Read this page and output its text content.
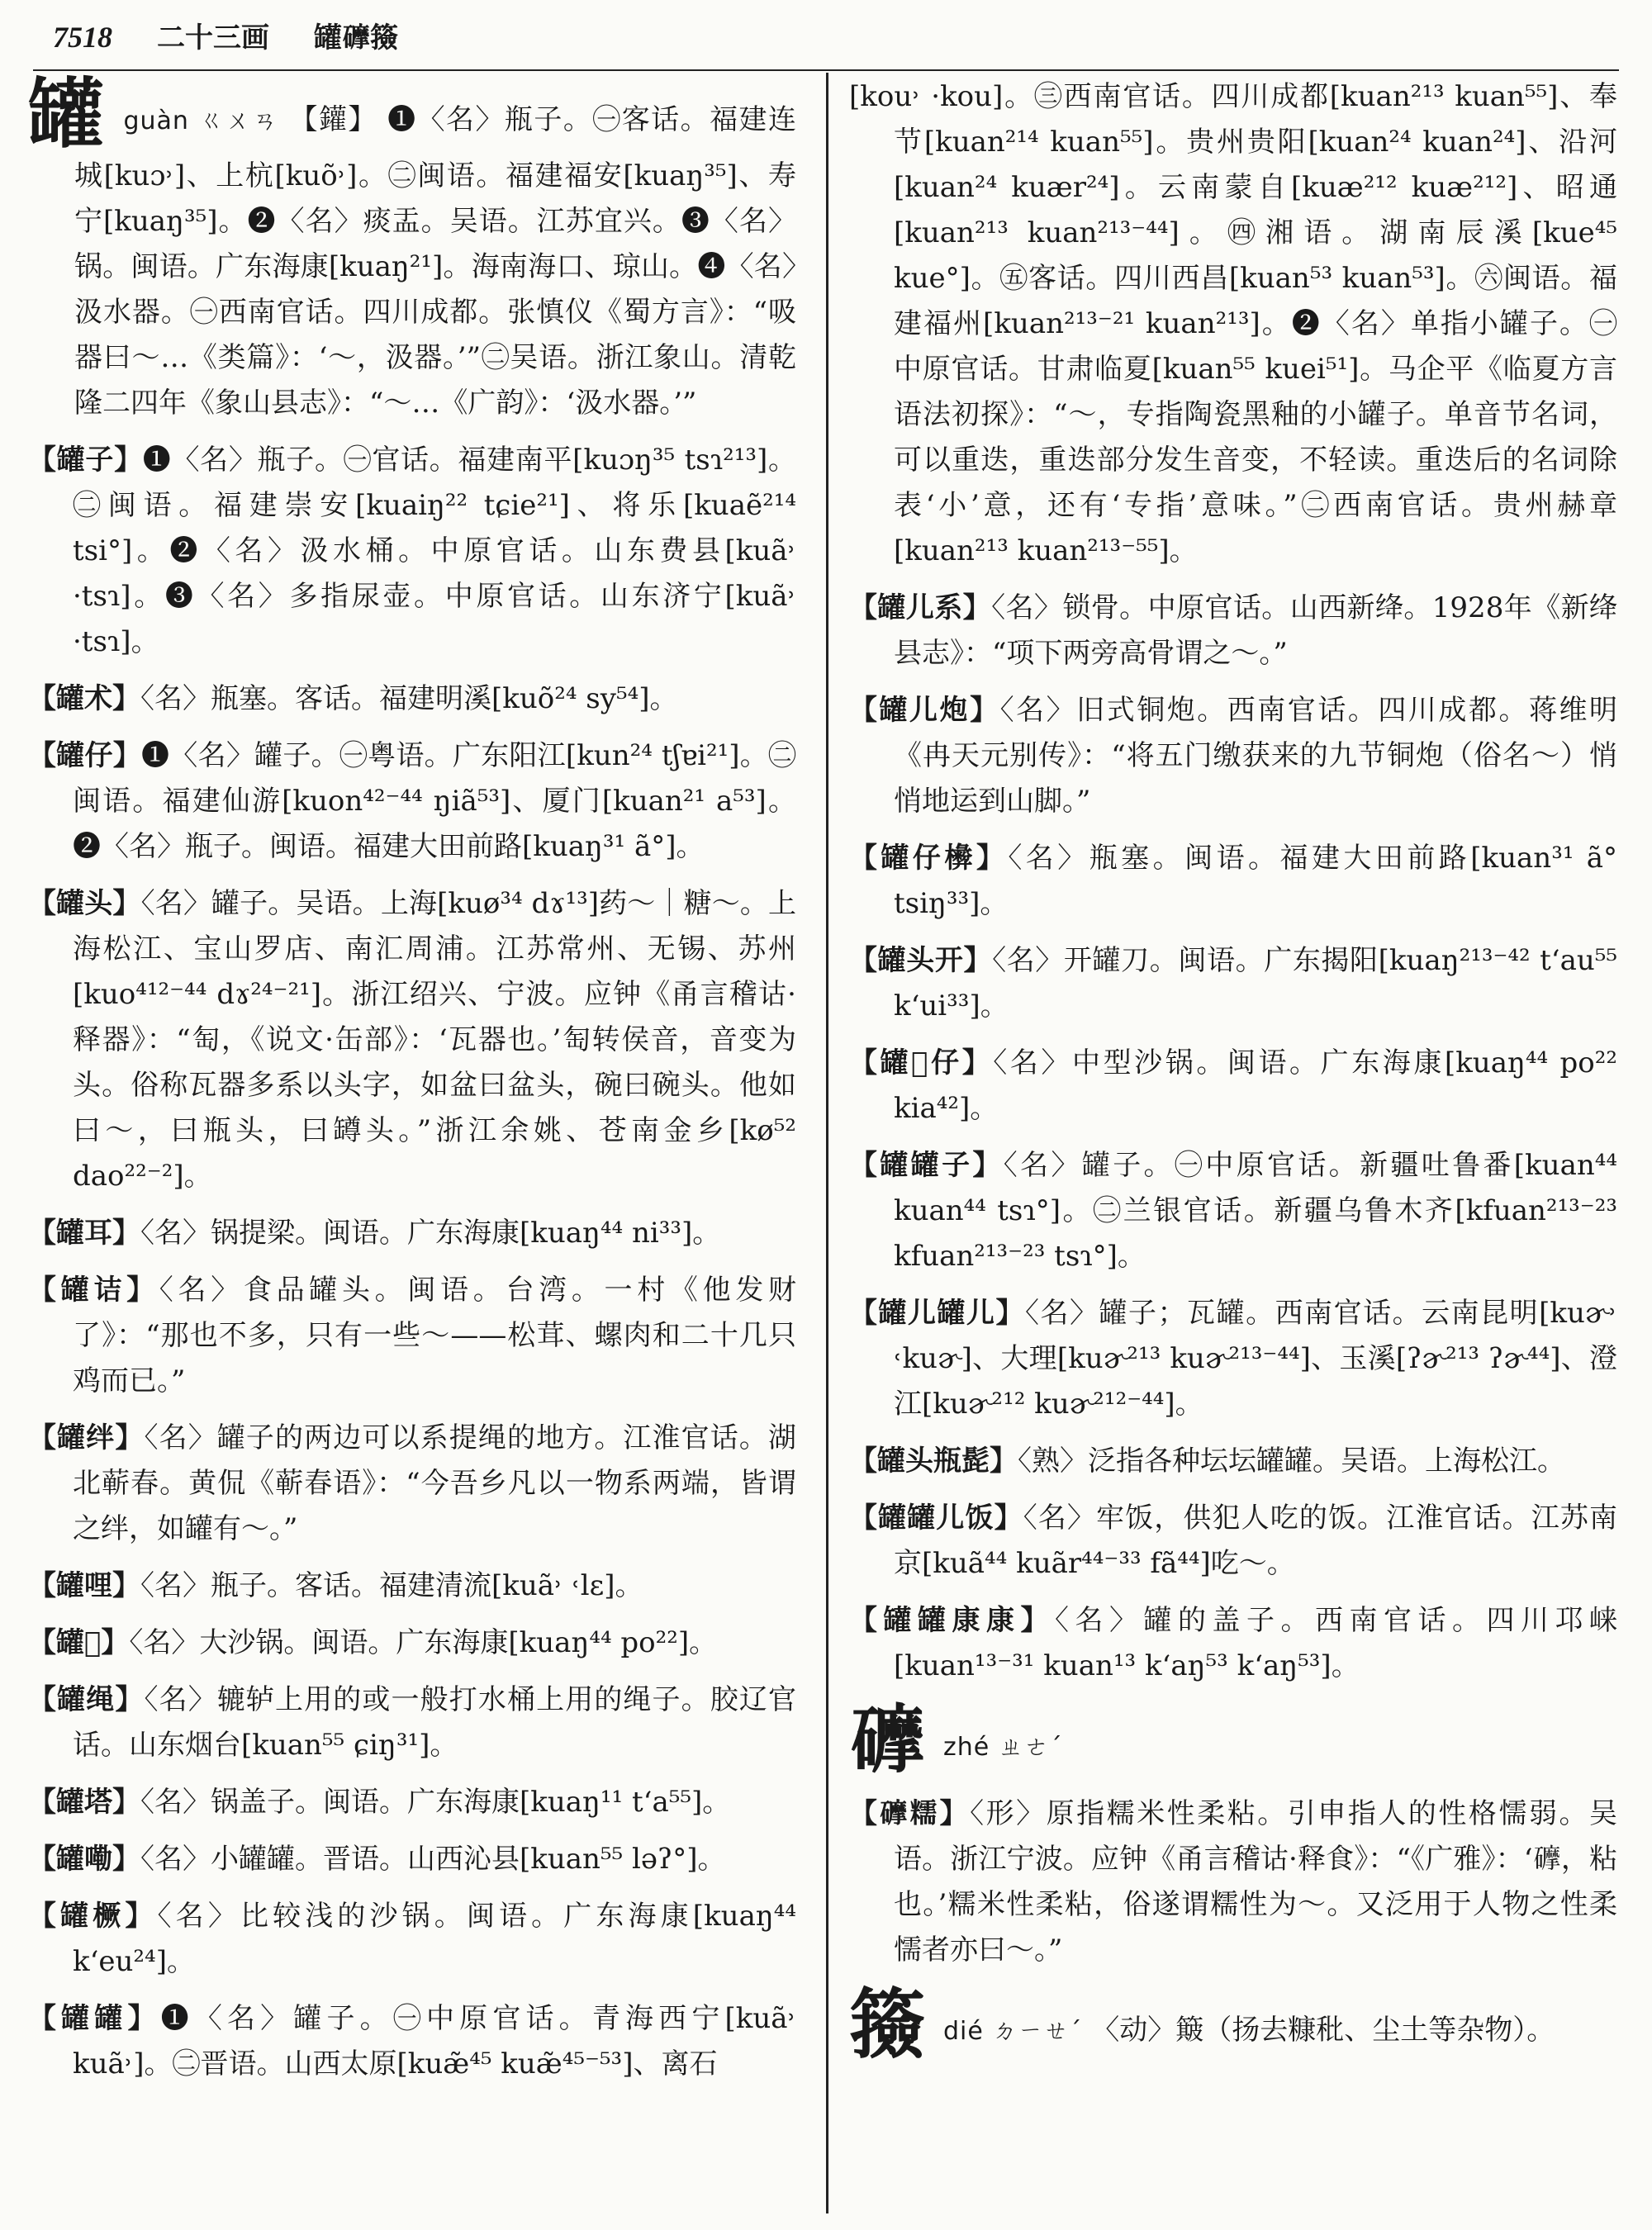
7518 二十三画 罐𥗂籡

罐guàn ㄍㄨㄢ 【鑵】 ❶〈名〉瓶子。㊀客话。福建连城[kuɔ˒]、上杭[kuõ˒]。㊁闽语。福建福安[kuaŋ³⁵]、寿宁[kuaŋ³⁵]。❷〈名〉痰盂。吴语。江苏宜兴。❸〈名〉锅。闽语。广东海康[kuaŋ²¹]。海南海口、琼山。❹〈名〉汲水器。㊀西南官话。四川成都。张慎仪《蜀方言》：“吸器曰～…《类篇》：‘～，汲器。’”㊁吴语。浙江象山。清乾隆二四年《象山县志》：“～…《广韵》：‘汲水器。’”

【罐子】❶〈名〉瓶子。㊀官话。福建南平[kuɔŋ³⁵ tsɿ²¹³]。㊁闽语。福建崇安[kuaiŋ²² tɕie²¹]、将乐[kuaẽ²¹⁴ tsi°]。❷〈名〉汲水桶。中原官话。山东费县[kuã˒ ·tsɿ]。❸〈名〉多指尿壶。中原官话。山东济宁[kuã˒ ·tsɿ]。

【罐术】〈名〉瓶塞。客话。福建明溪[kuõ²⁴ sy⁵⁴]。

【罐仔】❶〈名〉罐子。㊀粤语。广东阳江[kun²⁴ tʃɐi²¹]。㊁闽语。福建仙游[kuon⁴²⁻⁴⁴ ŋiã⁵³]、厦门[kuan²¹ a⁵³]。❷〈名〉瓶子。闽语。福建大田前路[kuaŋ³¹ ã°]。

【罐头】〈名〉罐子。吴语。上海[kuø³⁴ dɤ¹³]药～｜糖～。上海松江、宝山罗店、南汇周浦。江苏常州、无锡、苏州[kuo⁴¹²⁻⁴⁴ dɤ²⁴⁻²¹]。浙江绍兴、宁波。应钟《甬言稽诂·释器》：“匋，《说文·缶部》：‘瓦器也。’匋转侯音，音变为头。俗称瓦器多系以头字，如盆曰盆头，碗曰碗头。他如曰～，曰瓶头，曰罇头。”浙江余姚、苍南金乡[kø⁵² dao²²⁻²]。

【罐耳】〈名〉锅提梁。闽语。广东海康[kuaŋ⁴⁴ ni³³]。

【罐诘】〈名〉食品罐头。闽语。台湾。一村《他发财了》：“那也不多，只有一些～——松茸、螺肉和二十几只鸡而已。”

【罐绊】〈名〉罐子的两边可以系提绳的地方。江淮官话。湖北蕲春。黄侃《蕲春语》：“今吾乡凡以一物系两端，皆谓之绊，如罐有～。”

【罐哩】〈名〉瓶子。客话。福建清流[kuã˒ ˓lɛ]。

【罐𫗍】〈名〉大沙锅。闽语。广东海康[kuaŋ⁴⁴ po²²]。

【罐绳】〈名〉辘轳上用的或一般打水桶上用的绳子。胶辽官话。山东烟台[kuan⁵⁵ ɕiŋ³¹]。

【罐塔】〈名〉锅盖子。闽语。广东海康[kuaŋ¹¹ tʻa⁵⁵]。

【罐嘞】〈名〉小罐罐。晋语。山西沁县[kuan⁵⁵ ləʔ°]。

【罐橛】〈名〉比较浅的沙锅。闽语。广东海康[kuaŋ⁴⁴ kʻeu²⁴]。

【罐罐】❶〈名〉罐子。㊀中原官话。青海西宁[kuã˒ kuã˒]。㊁晋语。山西太原[kuæ̃⁴⁵ kuæ̃⁴⁵⁻⁵³]、离石

[kou˒ ·kou]。㊂西南官话。四川成都[kuan²¹³ kuan⁵⁵]、奉节[kuan²¹⁴ kuan⁵⁵]。贵州贵阳[kuan²⁴ kuan²⁴]、沿河[kuan²⁴ kuær²⁴]。云南蒙自[kuæ²¹² kuæ²¹²]、昭通[kuan²¹³ kuan²¹³⁻⁴⁴]。㊃湘语。湖南辰溪[kue⁴⁵ kue°]。㊄客话。四川西昌[kuan⁵³ kuan⁵³]。㊅闽语。福建福州[kuan²¹³⁻²¹ kuan²¹³]。❷〈名〉单指小罐子。㊀中原官话。甘肃临夏[kuan⁵⁵ kuei⁵¹]。马企平《临夏方言语法初探》：“～，专指陶瓷黑釉的小罐子。单音节名词，可以重迭，重迭部分发生音变，不轻读。重迭后的名词除表‘小’意，还有‘专指’意味。”㊁西南官话。贵州赫章[kuan²¹³ kuan²¹³⁻⁵⁵]。

【罐儿系】〈名〉锁骨。中原官话。山西新绛。1928年《新绛县志》：“项下两旁高骨谓之～。”

【罐儿炮】〈名〉旧式铜炮。西南官话。四川成都。蒋维明《冉天元别传》：“将五门缴获来的九节铜炮（俗名～）悄悄地运到山脚。”

【罐仔𣟗】〈名〉瓶塞。闽语。福建大田前路[kuan³¹ ã° tsiŋ³³]。

【罐头开】〈名〉开罐刀。闽语。广东揭阳[kuaŋ²¹³⁻⁴² tʻau⁵⁵ kʻui³³]。

【罐𫗍仔】〈名〉中型沙锅。闽语。广东海康[kuaŋ⁴⁴ po²² kia⁴²]。

【罐罐子】〈名〉罐子。㊀中原官话。新疆吐鲁番[kuan⁴⁴ kuan⁴⁴ tsɿ°]。㊁兰银官话。新疆乌鲁木齐[kfuan²¹³⁻²³ kfuan²¹³⁻²³ tsɿ°]。

【罐儿罐儿】〈名〉罐子；瓦罐。西南官话。云南昆明[kuɚ˒ ˓kuɚ]、大理[kuɚ²¹³ kuɚ²¹³⁻⁴⁴]、玉溪[ʔɚ²¹³ ʔɚ⁴⁴]、澄江[kuɚ²¹² kuɚ²¹²⁻⁴⁴]。

【罐头瓶髭】〈熟〉泛指各种坛坛罐罐。吴语。上海松江。

【罐罐儿饭】〈名〉牢饭，供犯人吃的饭。江淮官话。江苏南京[kuã⁴⁴ kuãr⁴⁴⁻³³ fã⁴⁴]吃～。

【罐罐康康】〈名〉罐的盖子。西南官话。四川邛崃[kuan¹³⁻³¹ kuan¹³ kʻaŋ⁵³ kʻaŋ⁵³]。

𥗂zhé ㄓㄜˊ

【𥗂糯】〈形〉原指糯米性柔粘。引申指人的性格懦弱。吴语。浙江宁波。应钟《甬言稽诂·释食》：“《广雅》：‘𥗂，粘也。’糯米性柔粘，俗遂谓糯性为～。又泛用于人物之性柔懦者亦曰～。”

籡dié ㄉㄧㄝˊ 〈动〉簸（扬去糠秕、尘土等杂物）。
